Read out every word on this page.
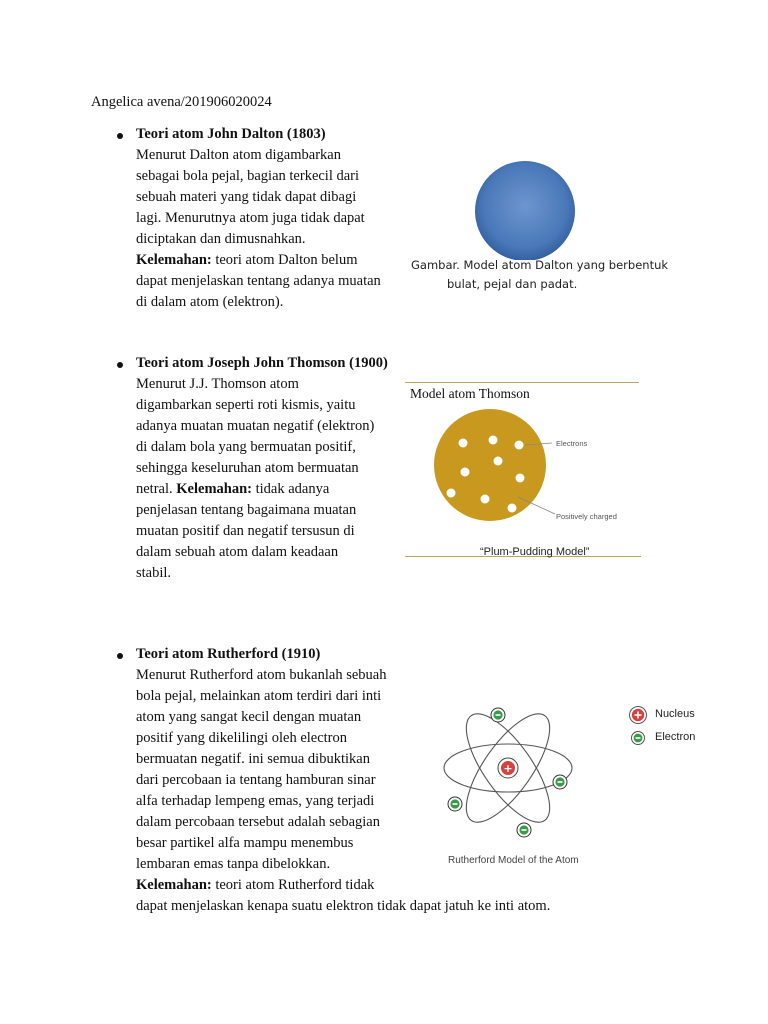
Angelica avena/201906020024
Teori atom John Dalton (1803)
Menurut Dalton atom digambarkan
sebagai bola pejal, bagian terkecil dari
sebuah materi yang tidak dapat dibagi
lagi. Menurutnya atom juga tidak dapat
diciptakan dan dimusnahkan.
Kelemahan: teori atom Dalton belum
dapat menjelaskan tentang adanya muatan
di dalam atom (elektron).
Gambar. Model atom Dalton yang berbentuk
bulat, pejal dan padat.
Teori atom Joseph John Thomson (1900)
Menurut J.J. Thomson atom
digambarkan seperti roti kismis, yaitu
adanya muatan muatan negatif (elektron)
di dalam bola yang bermuatan positif,
sehingga keseluruhan atom bermuatan
netral. Kelemahan: tidak adanya
penjelasan tentang bagaimana muatan
muatan positif dan negatif tersusun di
dalam sebuah atom dalam keadaan
stabil.
Model atom Thomson
Electrons
Positively charged
“Plum-Pudding Model”
Teori atom Rutherford (1910)
Menurut Rutherford atom bukanlah sebuah
bola pejal, melainkan atom terdiri dari inti
atom yang sangat kecil dengan muatan
positif yang dikelilingi oleh electron
bermuatan negatif. ini semua dibuktikan
dari percobaan ia tentang hamburan sinar
alfa terhadap lempeng emas, yang terjadi
dalam percobaan tersebut adalah sebagian
besar partikel alfa mampu menembus
lembaran emas tanpa dibelokkan.
Kelemahan: teori atom Rutherford tidak
dapat menjelaskan kenapa suatu elektron tidak dapat jatuh ke inti atom.
+
Nucleus
Electron
Rutherford Model of the Atom
